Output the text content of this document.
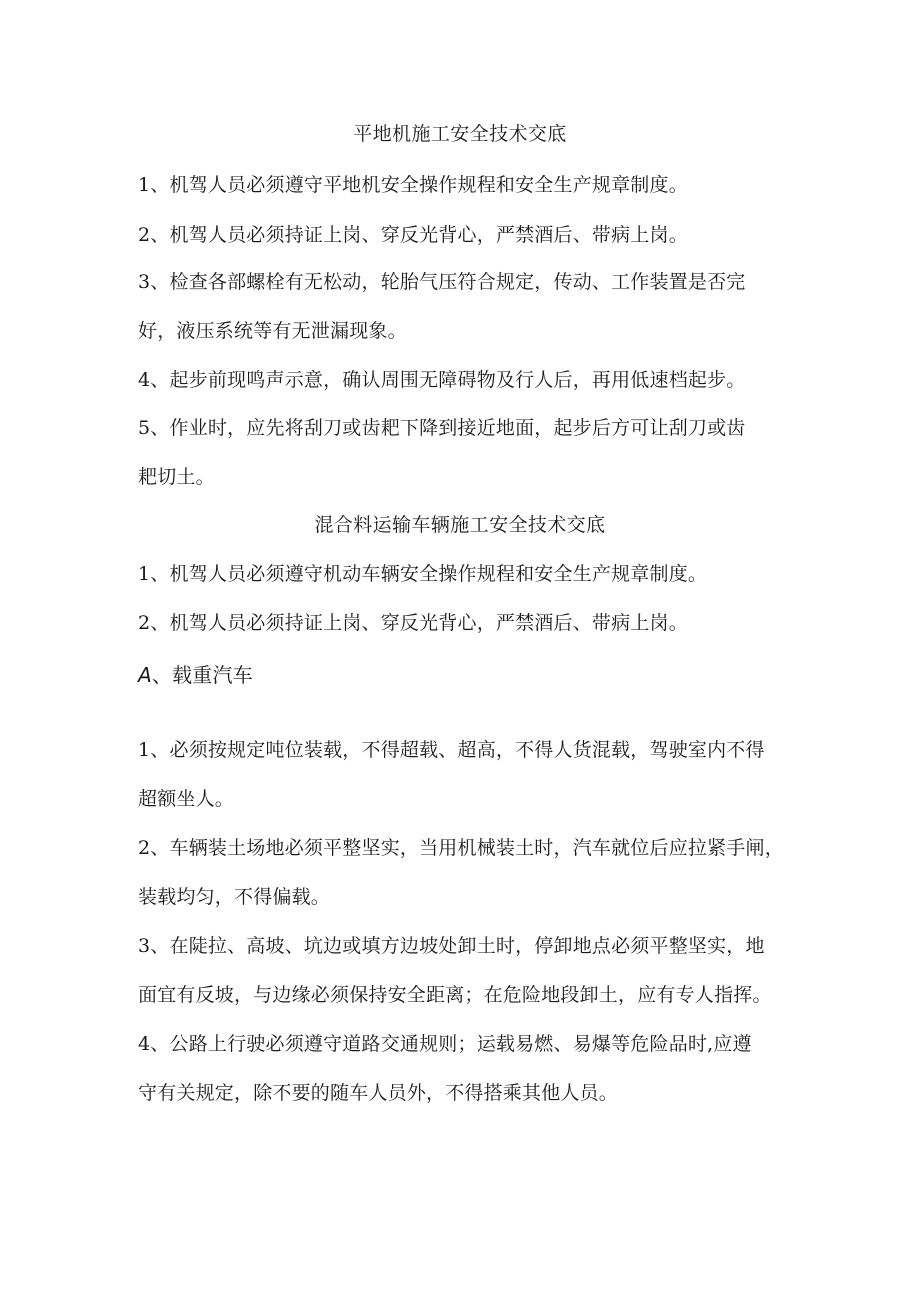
平地机施工安全技术交底
1、机驾人员必须遵守平地机安全操作规程和安全生产规章制度。
2、机驾人员必须持证上岗、穿反光背心，严禁酒后、带病上岗。
3、检查各部螺栓有无松动，轮胎气压符合规定，传动、工作装置是否完
好，液压系统等有无泄漏现象。
4、起步前现鸣声示意，确认周围无障碍物及行人后，再用低速档起步。
5、作业时，应先将刮刀或齿耙下降到接近地面，起步后方可让刮刀或齿
耙切土。
混合料运输车辆施工安全技术交底
1、机驾人员必须遵守机动车辆安全操作规程和安全生产规章制度。
2、机驾人员必须持证上岗、穿反光背心，严禁酒后、带病上岗。
A、载重汽车
1、必须按规定吨位装载，不得超载、超高，不得人货混载，驾驶室内不得
超额坐人。
2、车辆装土场地必须平整坚实，当用机械装土时，汽车就位后应拉紧手闸，
装载均匀，不得偏载。
3、在陡拉、高坡、坑边或填方边坡处卸土时，停卸地点必须平整坚实，地
面宜有反坡，与边缘必须保持安全距离；在危险地段卸土，应有专人指挥。
4、公路上行驶必须遵守道路交通规则；运载易燃、易爆等危险品时,应遵
守有关规定，除不要的随车人员外，不得搭乘其他人员。
